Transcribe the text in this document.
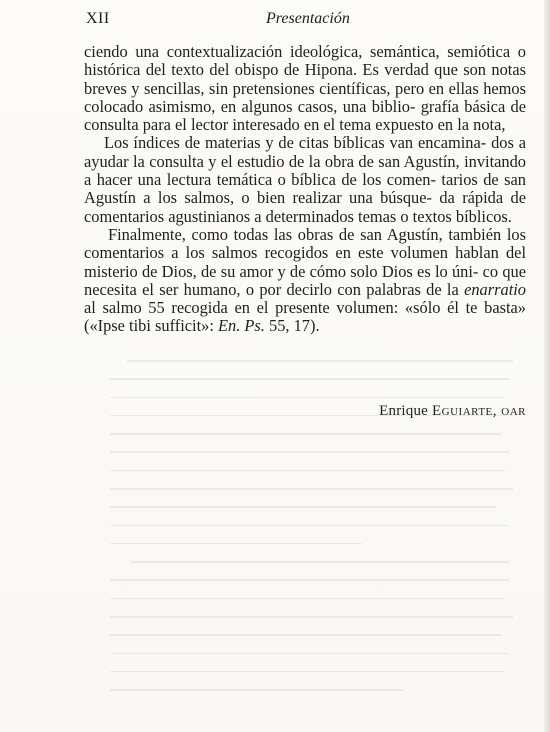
XII	Presentación

ciendo una contextualización ideológica, semántica, semiótica o histórica del texto del obispo de Hipona. Es verdad que son notas breves y sencillas, sin pretensiones científicas, pero en ellas hemos colocado asimismo, en algunos casos, una biblio- grafía básica de consulta para el lector interesado en el tema expuesto en la nota,

Los índices de materias y de citas bíblicas van encamina- dos a ayudar la consulta y el estudio de la obra de san Agustín, invitando a hacer una lectura temática o bíblica de los comen- tarios de san Agustín a los salmos, o bien realizar una búsque- da rápida de comentarios agustinianos a determinados temas o textos bíblicos.

Finalmente, como todas las obras de san Agustín, también los comentarios a los salmos recogidos en este volumen hablan del misterio de Dios, de su amor y de cómo solo Dios es lo úni- co que necesita el ser humano, o por decirlo con palabras de la enarratio al salmo 55 recogida en el presente volumen: «sólo él te basta» («Ipse tibi sufficit»: En. Ps. 55, 17).

Enrique Eguiarte, oar
